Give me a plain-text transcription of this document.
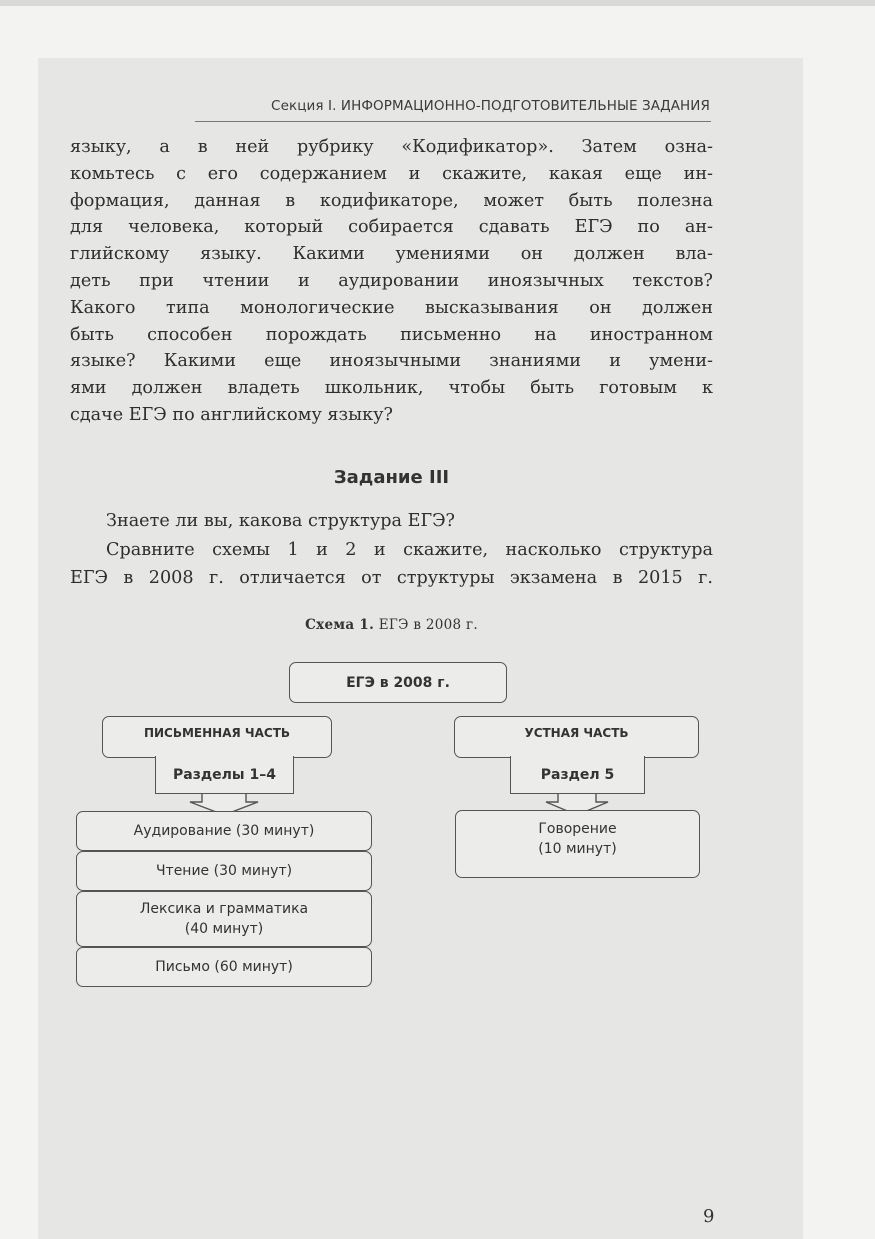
Секция I. ИНФОРМАЦИОННО-ПОДГОТОВИТЕЛЬНЫЕ ЗАДАНИЯ
языку, а в ней рубрику «Кодификатор». Затем озна-
комьтесь с его содержанием и скажите, какая еще ин-
формация, данная в кодификаторе, может быть полезна
для человека, который собирается сдавать ЕГЭ по ан-
глийскому языку. Какими умениями он должен вла-
деть при чтении и аудировании иноязычных текстов?
Какого типа монологические высказывания он должен
быть способен порождать письменно на иностранном
языке? Какими еще иноязычными знаниями и умени-
ями должен владеть школьник, чтобы быть готовым к
сдаче ЕГЭ по английскому языку?
Задание III
Знаете ли вы, какова структура ЕГЭ?
Сравните схемы 1 и 2 и скажите, насколько структура
ЕГЭ в 2008 г. отличается от структуры экзамена в 2015 г.
Схема 1. ЕГЭ в 2008 г.
ЕГЭ в 2008 г.
ПИСЬМЕННАЯ ЧАСТЬ
Разделы 1–4
УСТНАЯ ЧАСТЬ
Раздел 5
Аудирование (30 минут)
Чтение (30 минут)
Лексика и грамматика
(40 минут)
Письмо (60 минут)
Говорение
(10 минут)
9
